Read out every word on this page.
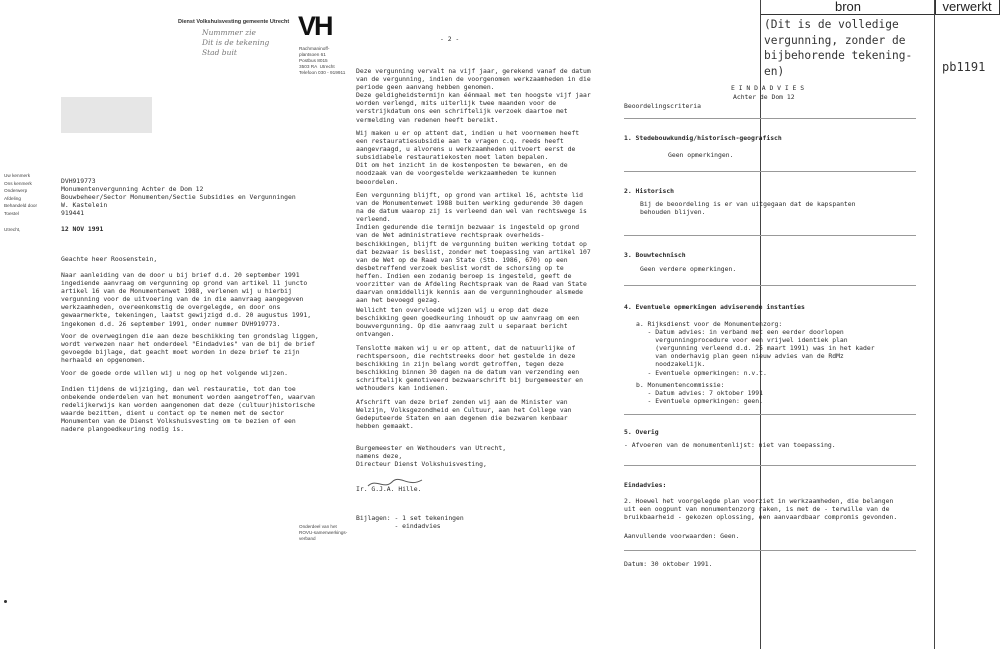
bron	verwerkt
(Dit is de volledige
vergunning, zonder de
bijbehorende tekening-
en)	pb1191
Dienst Volkshuisvesting gemeente Utrecht
Nummmer zie
Dit is de tekening
Stad buit
VH
Rachmaninoff-
plantsoen 61
Postbus 8015
3503 RA  Utrecht
Telefoon 030 - 919911
Uw kenmerk
Ons kenmerk
Onderwerp
Afdeling
Behandeld door
Toestel
Utrecht,
DVH919773
Monumentenvergunning Achter de Dom 12
Bouwbeheer/Sector Monumenten/Sectie Subsidies en Vergunningen
W. Kastelein
919441
12 NOV 1991
Geachte heer Roosenstein,
Naar aanleiding van de door u bij brief d.d. 20 september 1991
ingediende aanvraag om vergunning op grond van artikel 11 juncto
artikel 16 van de Monumentenwet 1988, verlenen wij u hierbij
vergunning voor de uitvoering van de in die aanvraag aangegeven
werkzaamheden, overeenkomstig de overgelegde, en door ons
gewaarmerkte, tekeningen, laatst gewijzigd d.d. 20 augustus 1991,
ingekomen d.d. 26 september 1991, onder nummer DVH919773.
Voor de overwegingen die aan deze beschikking ten grondslag liggen,
wordt verwezen naar het onderdeel "Eindadvies" van de bij de brief
gevoegde bijlage, dat geacht moet worden in deze brief te zijn
herhaald en opgenomen.
Voor de goede orde willen wij u nog op het volgende wijzen.
Indien tijdens de wijziging, dan wel restauratie, tot dan toe
onbekende onderdelen van het monument worden aangetroffen, waarvan
redelijkerwijs kan worden aangenomen dat deze (cultuur)historische
waarde bezitten, dient u contact op te nemen met de sector
Monumenten van de Dienst Volkshuisvesting om te bezien of een
nadere plangoedkeuring nodig is.
- 2 -
Deze vergunning vervalt na vijf jaar, gerekend vanaf de datum
van de vergunning, indien de voorgenomen werkzaamheden in die
periode geen aanvang hebben genomen.
Deze geldigheidstermijn kan éénmaal met ten hoogste vijf jaar
worden verlengd, mits uiterlijk twee maanden voor de
verstrijkdatum ons een schriftelijk verzoek daartoe met
vermelding van redenen heeft bereikt.
Wij maken u er op attent dat, indien u het voornemen heeft
een restauratiesubsidie aan te vragen c.q. reeds heeft
aangevraagd, u alvorens u werkzaamheden uitvoert eerst de
subsidiabele restauratiekosten moet laten bepalen.
Dit om het inzicht in de kostenposten te bewaren, en de
noodzaak van de voorgestelde werkzaamheden te kunnen
beoordelen.
Een vergunning blijft, op grond van artikel 16, achtste lid
van de Monumentenwet 1988 buiten werking gedurende 30 dagen
na de datum waarop zij is verleend dan wel van rechtswege is
verleend.
Indien gedurende die termijn bezwaar is ingesteld op grond
van de Wet administratieve rechtspraak overheids-
beschikkingen, blijft de vergunning buiten werking totdat op
dat bezwaar is beslist, zonder met toepassing van artikel 107
van de Wet op de Raad van State (Stb. 1986, 670) op een
desbetreffend verzoek beslist wordt de schorsing op te
heffen. Indien een zodanig beroep is ingesteld, geeft de
voorzitter van de Afdeling Rechtspraak van de Raad van State
daarvan onmiddellijk kennis aan de vergunninghouder alsmede
aan het bevoegd gezag.
Wellicht ten overvloede wijzen wij u erop dat deze
beschikking geen goedkeuring inhoudt op uw aanvraag om een
bouwvergunning. Op die aanvraag zult u separaat bericht
ontvangen.
Tenslotte maken wij u er op attent, dat de natuurlijke of
rechtspersoon, die rechtstreeks door het gestelde in deze
beschikking in zijn belang wordt getroffen, tegen deze
beschikking binnen 30 dagen na de datum van verzending een
schriftelijk gemotiveerd bezwaarschrift bij burgemeester en
wethouders kan indienen.
Afschrift van deze brief zenden wij aan de Minister van
Welzijn, Volksgezondheid en Cultuur, aan het College van
Gedeputeerde Staten en aan degenen die bezwaren kenbaar
hebben gemaakt.
Burgemeester en Wethouders van Utrecht,
namens deze,
Directeur Dienst Volkshuisvesting,
Ir. G.J.A. Hille.
Onderdeel van het
ROVU-samenwerkings-
verband
Bijlagen: - 1 set tekeningen
- eindadvies
E I N D A D V I E S
Achter de Dom 12
Beoordelingscriteria
1. Stedebouwkundig/historisch-geografisch
Geen opmerkingen.
2. Historisch
Bij de beoordeling is er van uitgegaan dat de kapspanten
behouden blijven.
3. Bouwtechnisch
Geen verdere opmerkingen.
4. Eventuele opmerkingen adviserende instanties
a. Rijksdienst voor de Monumentenzorg:
- Datum advies: in verband met een eerder doorlopen
vergunningprocedure voor een vrijwel identiek plan
(vergunning verleend d.d. 25 maart 1991) was in het kader
van onderhavig plan geen nieuw advies van de RdMz
noodzakelijk.
- Eventuele opmerkingen: n.v.t.
b. Monumentencommissie:
- Datum advies: 7 oktober 1991
- Eventuele opmerkingen: geen.
5. Overig
- Afvoeren van de monumentenlijst: niet van toepassing.
Eindadvies:
2. Hoewel het voorgelegde plan voorziet in werkzaamheden, die belangen
uit een oogpunt van monumentenzorg raken, is met de - terwille van de
bruikbaarheid - gekozen oplossing, een aanvaardbaar compromis gevonden.
Aanvullende voorwaarden: Geen.
Datum: 30 oktober 1991.
